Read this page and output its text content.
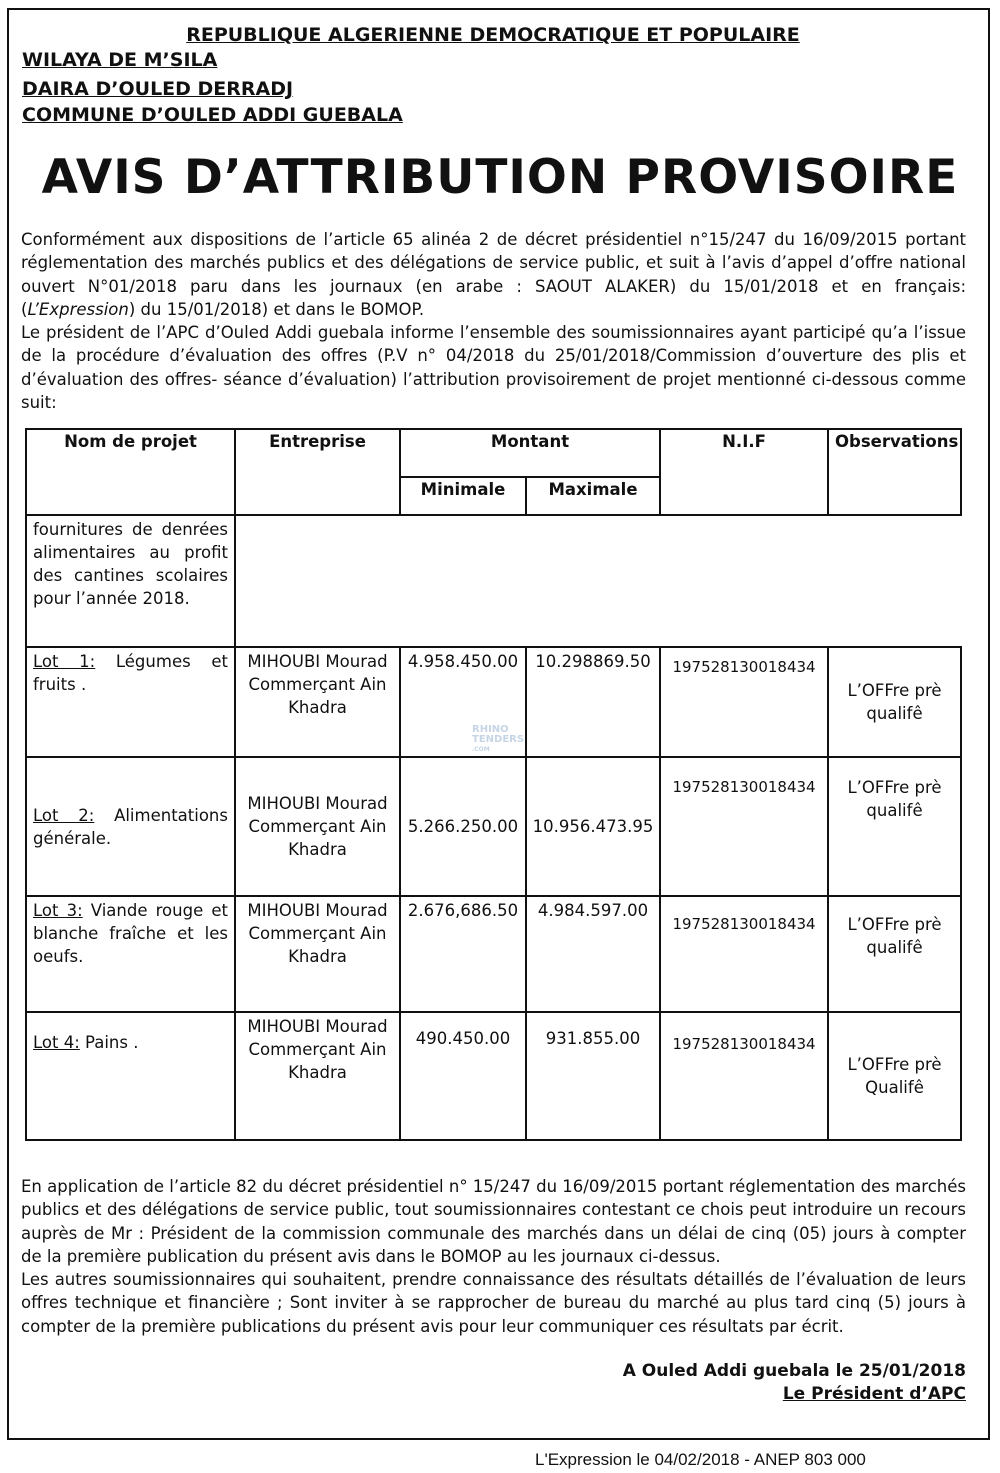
REPUBLIQUE ALGERIENNE DEMOCRATIQUE ET POPULAIRE
WILAYA DE M’SILA
DAIRA D’OULED DERRADJ
COMMUNE D’OULED ADDI GUEBALA
AVIS D’ATTRIBUTION PROVISOIRE

Conformément aux dispositions de l’article 65 alinéa 2 de décret présidentiel n°15/247 du 16/09/2015 portant réglementation des marchés publics et des délégations de service public, et suit à l’avis d’appel d’offre national ouvert N°01/2018 paru dans les journaux (en arabe : SAOUT ALAKER) du 15/01/2018 et en français: (L’Expression) du 15/01/2018) et dans le BOMOP.

Le président de l’APC d’Ouled Addi guebala informe l’ensemble des soumissionnaires ayant participé qu’a l’issue de la procédure d’évaluation des offres (P.V n° 04/2018 du 25/01/2018/Commission d’ouverture des plis et d’évaluation des offres- séance d’évaluation) l’attribution provisoirement de projet mentionné ci-dessous comme suit:

Nom de projet	Entreprise	Montant		N.I.F	Observations
		Minimale	Maximale		
fournitures de denrées alimentaires au profit des cantines scolaires pour l’année 2018.					
Lot 1: Légumes et fruits .	MIHOUBI Mourad Commerçant Ain Khadra	4.958.450.00	10.298869.50	197528130018434	L’OFFre prè qualifê
Lot 2: Alimentations générale.	MIHOUBI Mourad Commerçant Ain Khadra	5.266.250.00	10.956.473.95	197528130018434	L’OFFre prè qualifê
Lot 3: Viande rouge et blanche fraîche et les oeufs.	MIHOUBI Mourad Commerçant Ain Khadra	2.676,686.50	4.984.597.00	197528130018434	L’OFFre prè qualifê
Lot 4: Pains .	MIHOUBI Mourad Commerçant Ain Khadra	490.450.00	931.855.00	197528130018434	L’OFFre prè Qualifê
RHINO
TENDERS
.COM

En application de l’article 82 du décret présidentiel n° 15/247 du 16/09/2015 portant réglementation des marchés publics et des délégations de service public, tout soumissionnaires contestant ce chois peut introduire un recours auprès de Mr : Président de la commission communale des marchés dans un délai de cinq (05) jours à compter de la première publication du présent avis dans le BOMOP au les journaux ci-dessus.

Les autres soumissionnaires qui souhaitent, prendre connaissance des résultats détaillés de l’évaluation de leurs offres technique et financière ; Sont inviter à se rapprocher de bureau du marché au plus tard cinq (5) jours à compter de la première publications du présent avis pour leur communiquer ces résultats par écrit.

A Ouled Addi guebala le 25/01/2018
Le Président d’APC
L'Expression le 04/02/2018 - ANEP 803 000
